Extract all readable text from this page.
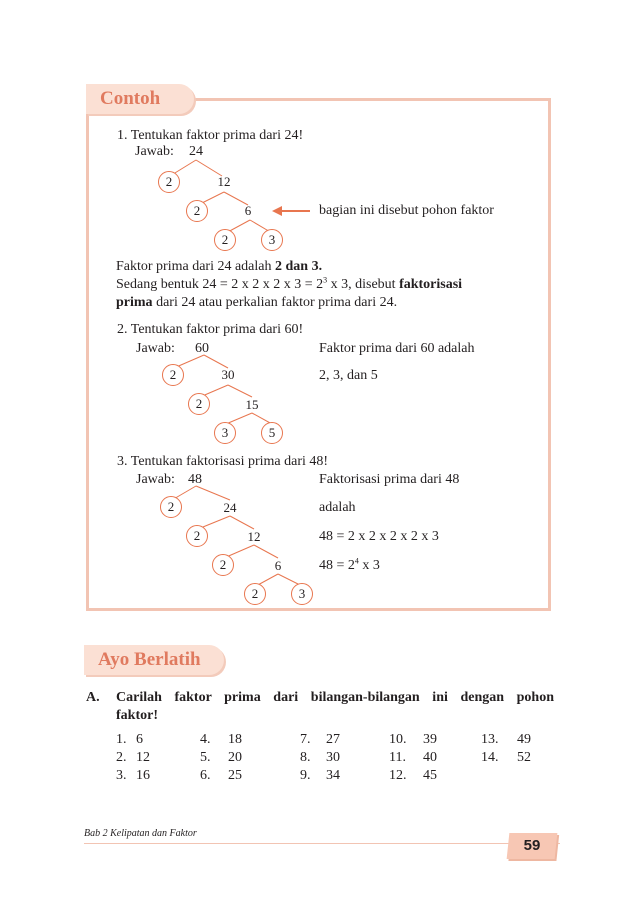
Contoh
1. Tentukan faktor prima dari 24!
Jawab: 24
2	12
2	6
2	3
bagian ini disebut pohon faktor
Faktor prima dari 24 adalah 2 dan 3.
Sedang bentuk 24 = 2 x 2 x 2 x $3 = 2^3$ x 3, disebut faktorisasi
prima dari 24 atau perkalian faktor prima dari 24.
2. Tentukan faktor prima dari 60!
Jawab: 60	Faktor prima dari 60 adalah
2, 3, dan 5
2	30
2	15
3	5
3. Tentukan faktorisasi prima dari 48!
Jawab: 48	Faktorisasi prima dari 48
adalah
48 = 2 x 2 x 2 x 2 x 3
$48 = 2^4$ x 3
2	24
2	12
2	6
2	3
Ayo Berlatih
A. Carilah faktor prima dari bilangan-bilangan ini dengan pohon
faktor!
1. 6
2. 12
3. 16
4. 18
5. 20
6. 25
7. 27
8. 30
9. 34
10. 39
11. 40
12. 45
13. 49
14. 52
Bab 2 Kelipatan dan Faktor
59
